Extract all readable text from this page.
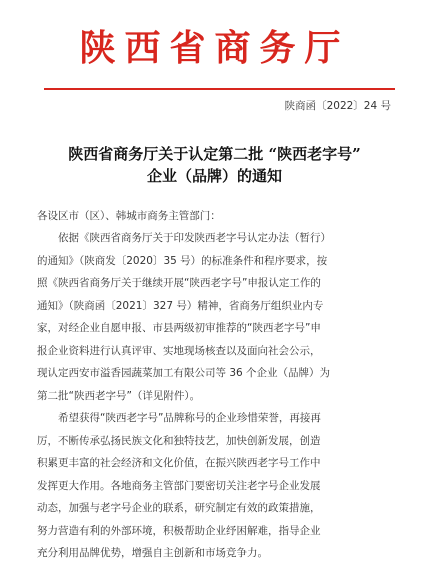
陕西省商务厅
陕商函〔2022〕24 号
陕西省商务厅关于认定第二批 “陕西老字号”
企业（品牌）的通知

各设区市（区）、韩城市商务主管部门：

依据《陕西省商务厅关于印发陕西老字号认定办法（暂行）
的通知》（陕商发〔2020〕35 号）的标准条件和程序要求，按
照《陕西省商务厅关于继续开展“陕西老字号”申报认定工作的
通知》（陕商函〔2021〕327 号）精神，省商务厅组织业内专
家，对经企业自愿申报、市县两级初审推荐的“陕西老字号”申
报企业资料进行认真评审、实地现场核查以及面向社会公示，
现认定西安市溢香园蔬菜加工有限公司等 36 个企业（品牌）为
第二批“陕西老字号”（详见附件）。
希望获得“陕西老字号”品牌称号的企业珍惜荣誉，再接再
厉，不断传承弘扬民族文化和独特技艺，加快创新发展，创造
积累更丰富的社会经济和文化价值，在振兴陕西老字号工作中
发挥更大作用。各地商务主管部门要密切关注老字号企业发展
动态，加强与老字号企业的联系，研究制定有效的政策措施，
努力营造有利的外部环境，积极帮助企业纾困解难，指导企业
充分利用品牌优势，增强自主创新和市场竞争力。
